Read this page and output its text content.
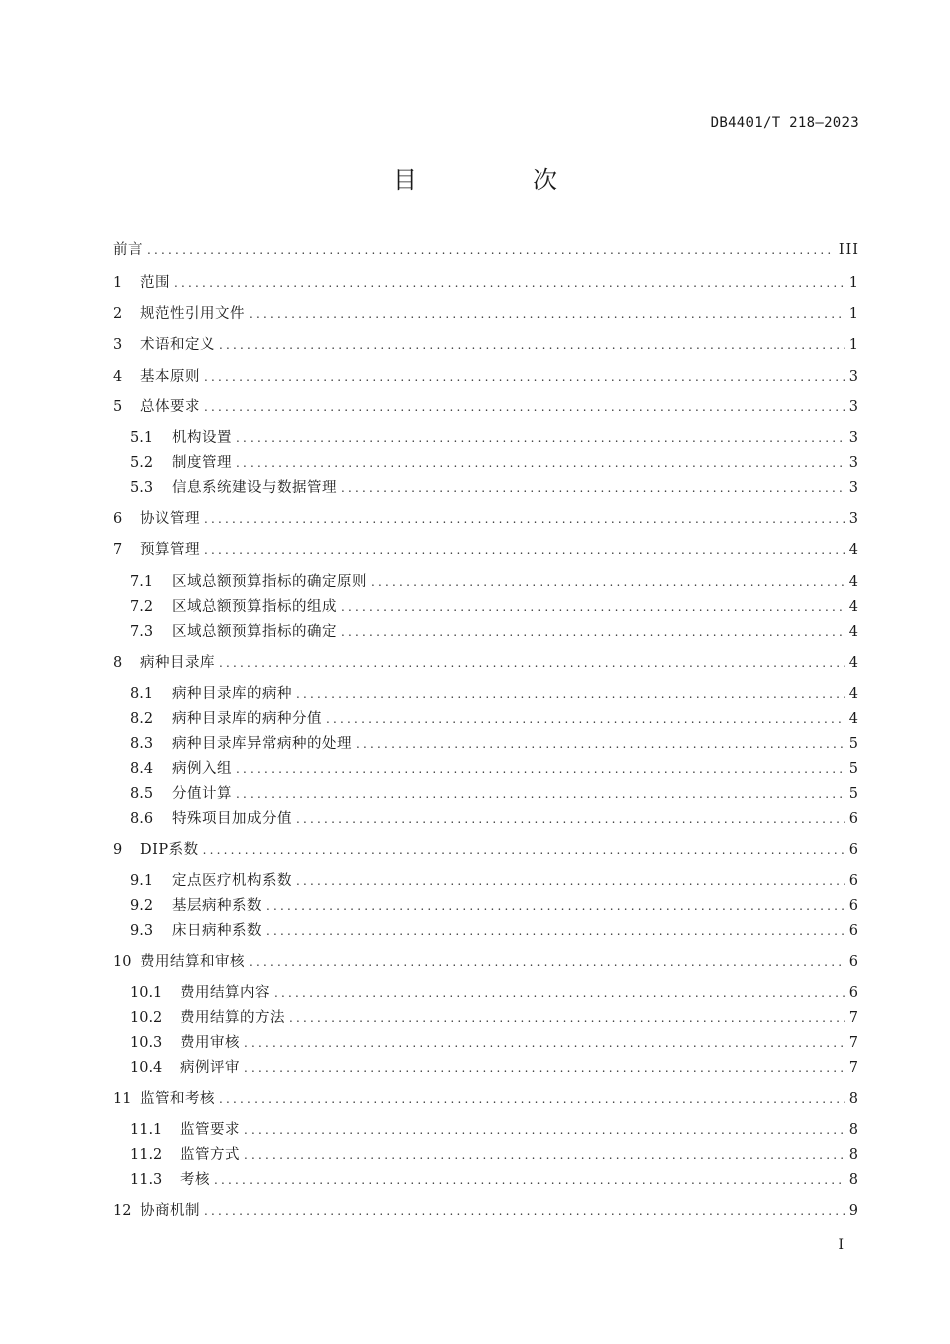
DB4401/T 218—2023
目　次
前言 .....	III
1	范围 .....	1
2	规范性引用文件 .....	1
3	术语和定义 .....	1
4	基本原则 .....	3
5	总体要求 .....	3
5.1	机构设置 .....	3
5.2	制度管理 .....	3
5.3	信息系统建设与数据管理 .....	3
6	协议管理 .....	3
7	预算管理 .....	4
7.1	区域总额预算指标的确定原则 .....	4
7.2	区域总额预算指标的组成 .....	4
7.3	区域总额预算指标的确定 .....	4
8	病种目录库 .....	4
8.1	病种目录库的病种 .....	4
8.2	病种目录库的病种分值 .....	4
8.3	病种目录库异常病种的处理 .....	5
8.4	病例入组 .....	5
8.5	分值计算 .....	5
8.6	特殊项目加成分值 .....	6
9	DIP系数 .....	6
9.1	定点医疗机构系数 .....	6
9.2	基层病种系数 .....	6
9.3	床日病种系数 .....	6
10 费用结算和审核 .....	6
10.1	费用结算内容 .....	6
10.2	费用结算的方法 .....	7
10.3	费用审核 .....	7
10.4	病例评审 .....	7
11 监管和考核 .....	8
11.1	监管要求 .....	8
11.2	监管方式 .....	8
11.3	考核 .....	8
12 协商机制 .....	9
I
